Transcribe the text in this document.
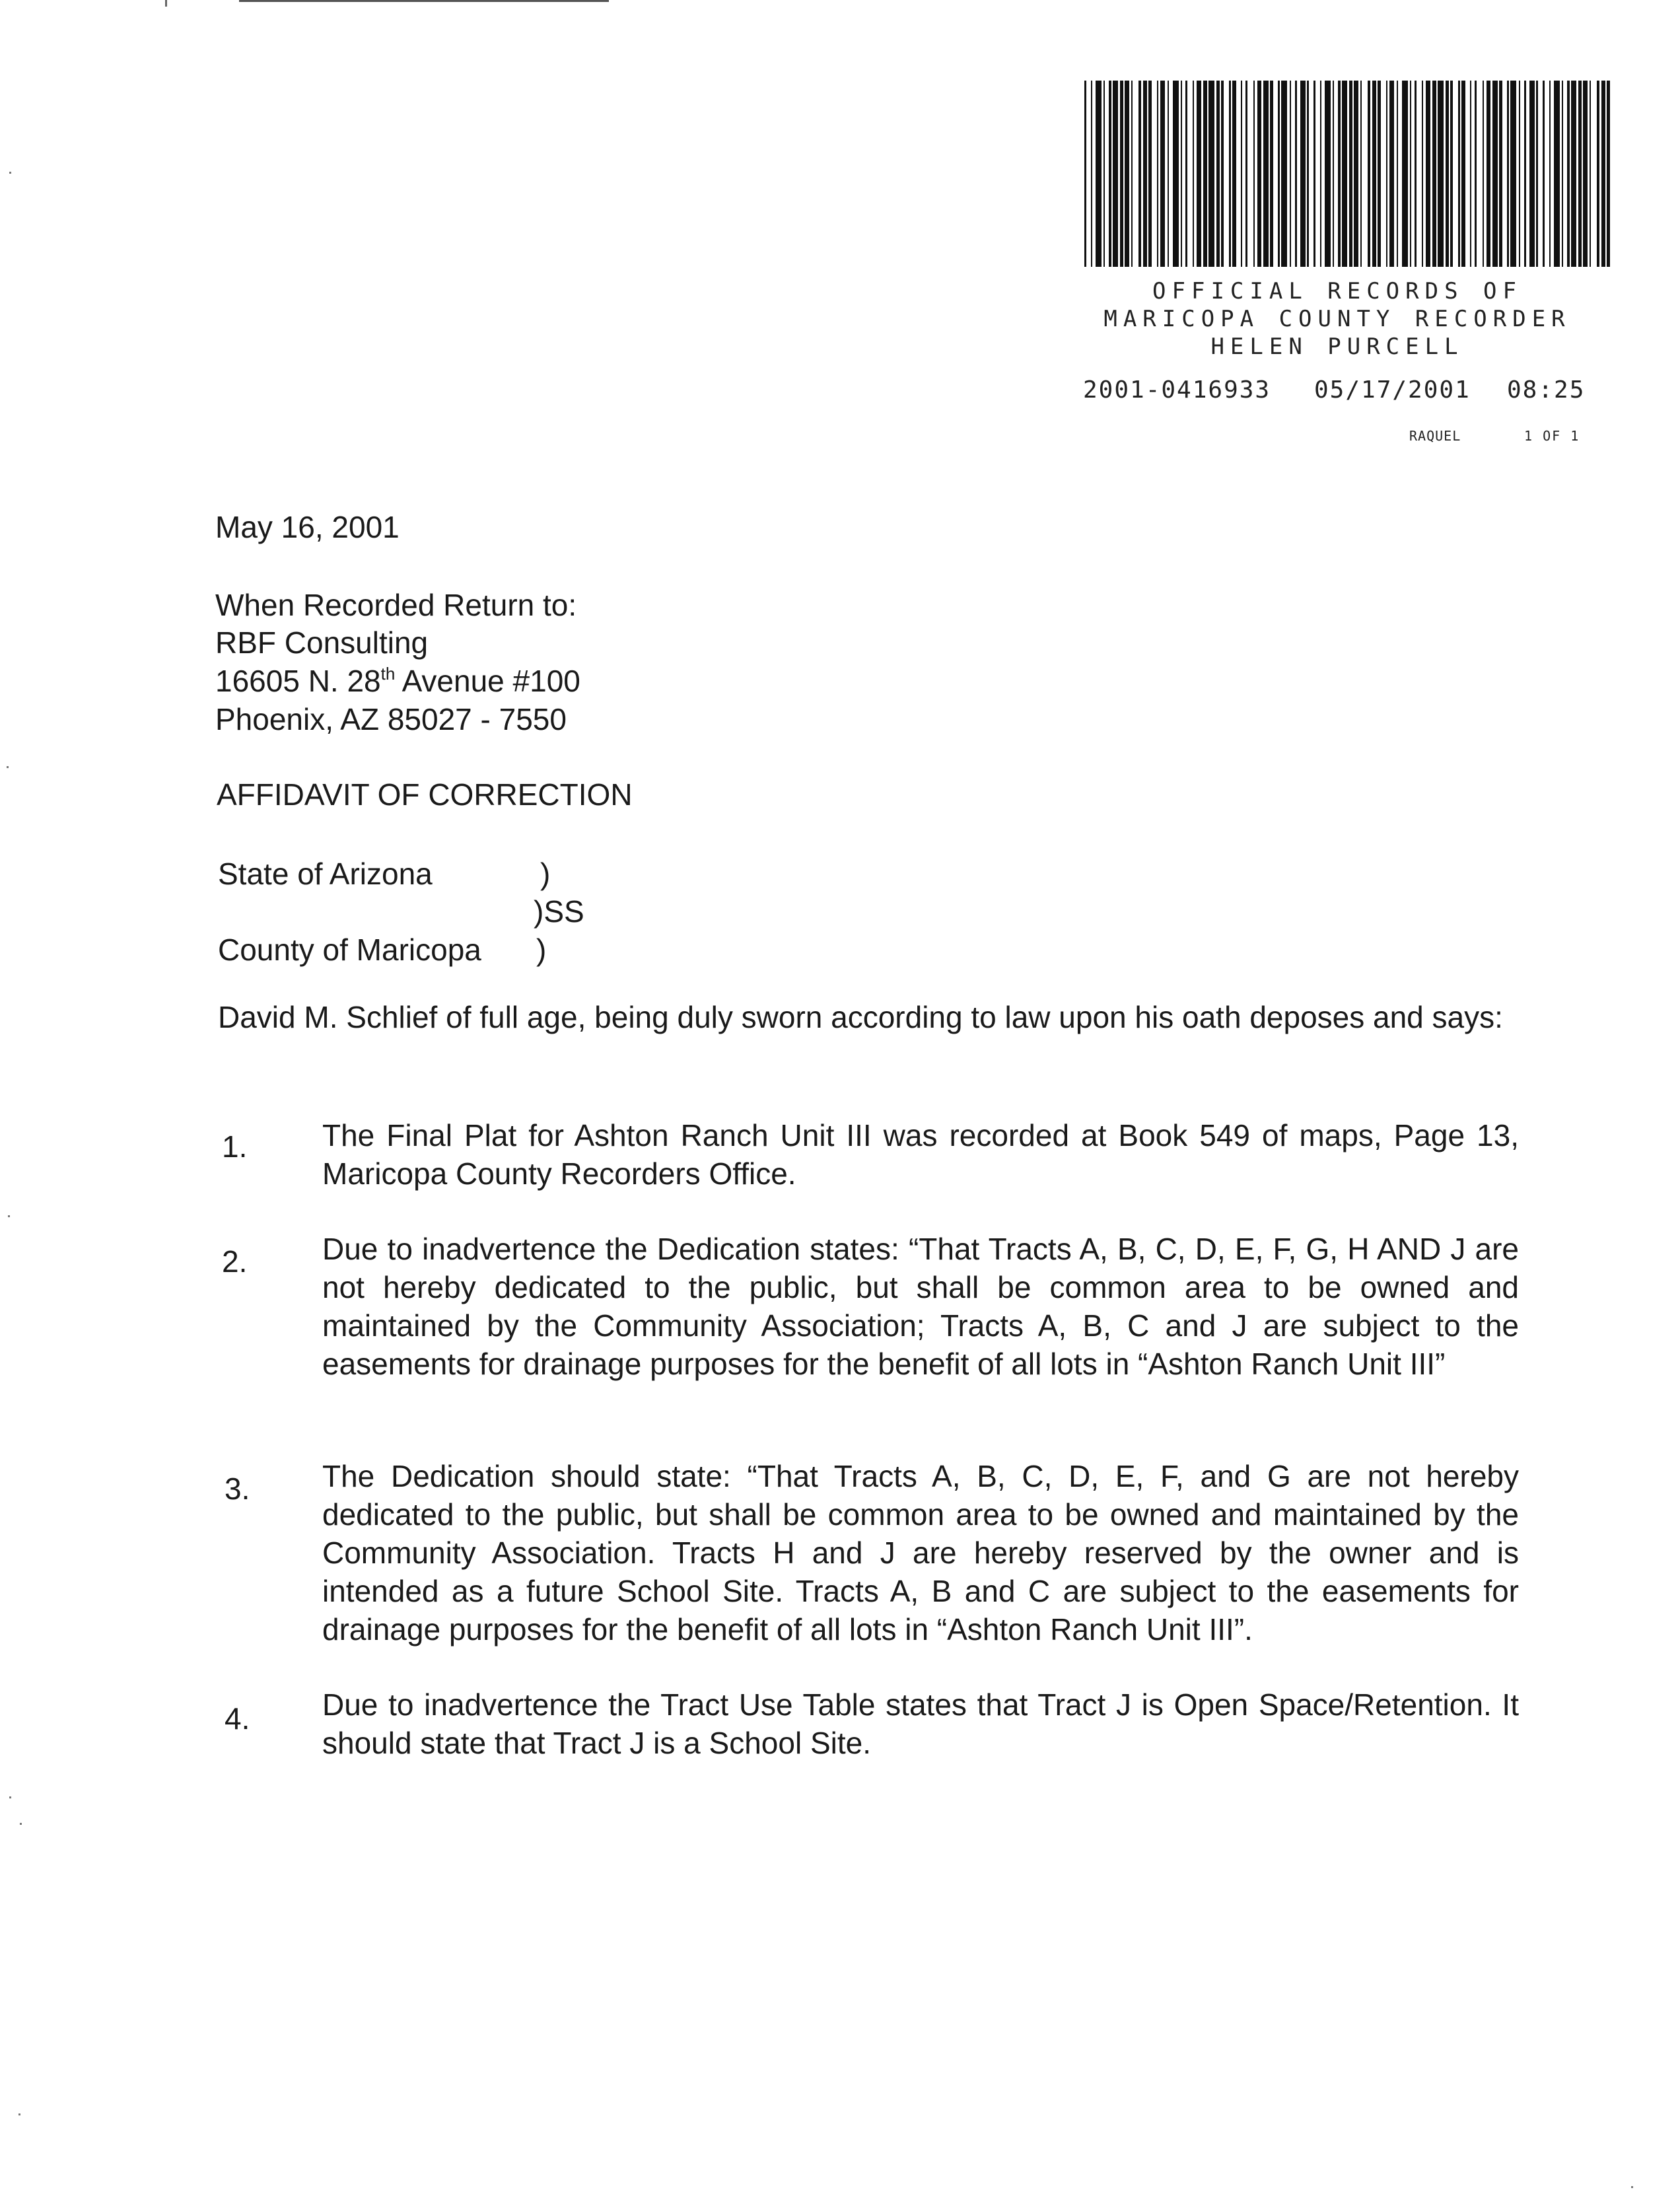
OFFICIAL RECORDS OF
MARICOPA COUNTY RECORDER
HELEN PURCELL
2001-0416933 05/17/2001 08:25
RAQUEL	1 OF 1
May 16, 2001
When Recorded Return to:
RBF Consulting
16605 N. 28th Avenue #100
Phoenix, AZ 85027 - 7550
AFFIDAVIT OF CORRECTION
State of Arizona	)
)SS
County of Maricopa )
David M. Schlief of full age, being duly sworn according to law upon his oath deposes and says:
1. The Final Plat for Ashton Ranch Unit III was recorded at Book 549 of maps, Page 13, Maricopa County Recorders Office.
2. Due to inadvertence the Dedication states: “That Tracts A, B, C, D, E, F, G, H AND J are not hereby dedicated to the public, but shall be common area to be owned and maintained by the Community Association; Tracts A, B, C and J are subject to the easements for drainage purposes for the benefit of all lots in “Ashton Ranch Unit III”
3. The Dedication should state: “That Tracts A, B, C, D, E, F, and G are not hereby dedicated to the public, but shall be common area to be owned and maintained by the Community Association. Tracts H and J are hereby reserved by the owner and is intended as a future School Site. Tracts A, B and C are subject to the easements for drainage purposes for the benefit of all lots in “Ashton Ranch Unit III”.
4. Due to inadvertence the Tract Use Table states that Tract J is Open Space/Retention. It should state that Tract J is a School Site.
